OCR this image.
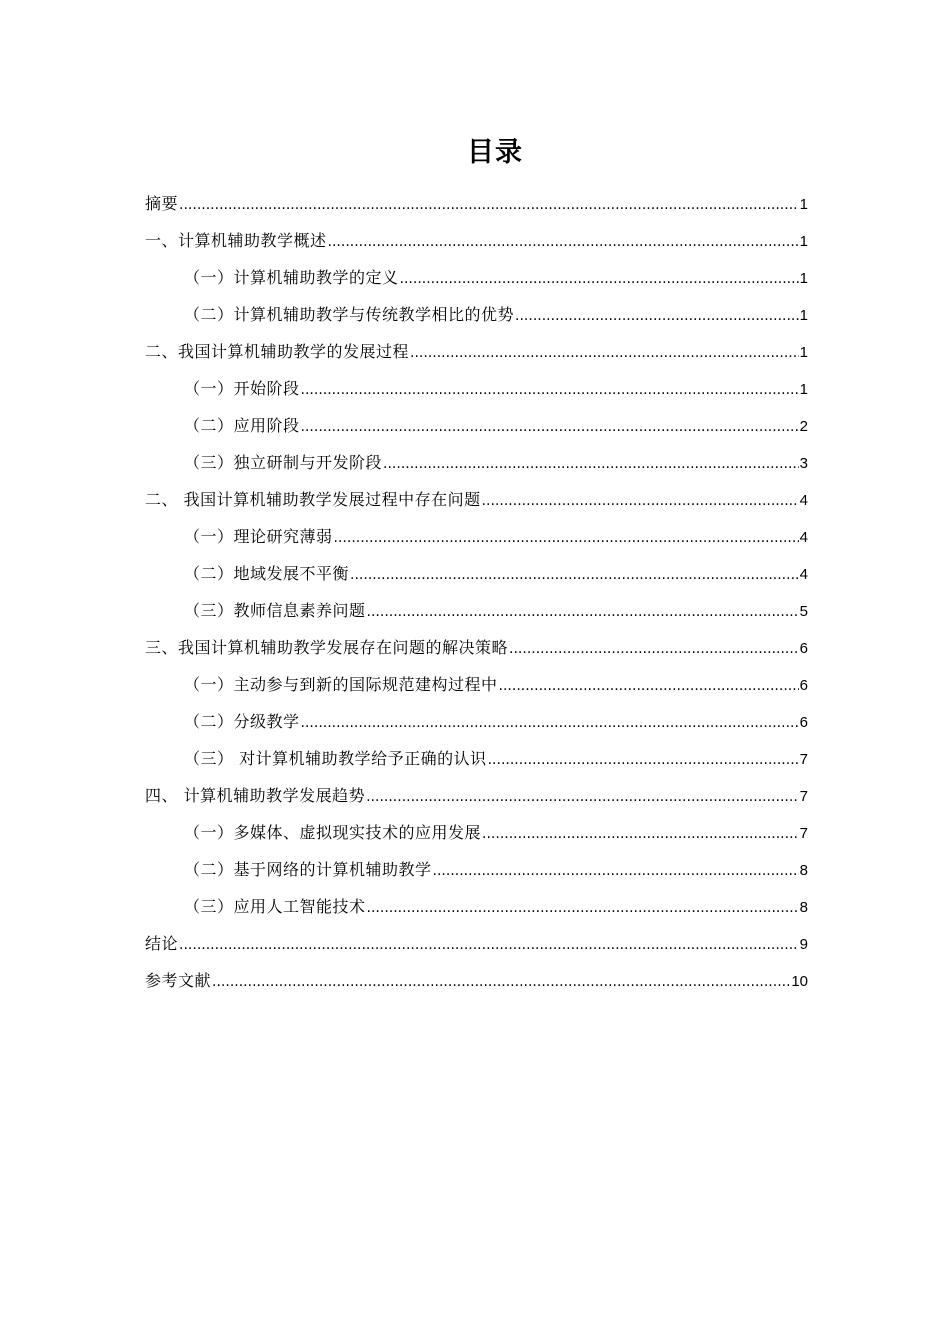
目录
摘要 .....	1
一、计算机辅助教学概述 .....	1
（一）计算机辅助教学的定义 .....	1
（二）计算机辅助教学与传统教学相比的优势 .....	1
二、我国计算机辅助教学的发展过程 .....	1
（一）开始阶段 .....	1
（二）应用阶段 .....	2
（三）独立研制与开发阶段 .....	3
二、 我国计算机辅助教学发展过程中存在问题 .....	4
（一）理论研究薄弱 .....	4
（二）地域发展不平衡 .....	4
（三）教师信息素养问题 .....	5
三、我国计算机辅助教学发展存在问题的解决策略 .....	6
（一）主动参与到新的国际规范建构过程中 .....	6
（二）分级教学 .....	6
（三） 对计算机辅助教学给予正确的认识 .....	7
四、 计算机辅助教学发展趋势 .....	7
（一）多媒体、虚拟现实技术的应用发展 .....	7
（二）基于网络的计算机辅助教学 .....	8
（三）应用人工智能技术 .....	8
结论 .....	9
参考文献 .....	10
